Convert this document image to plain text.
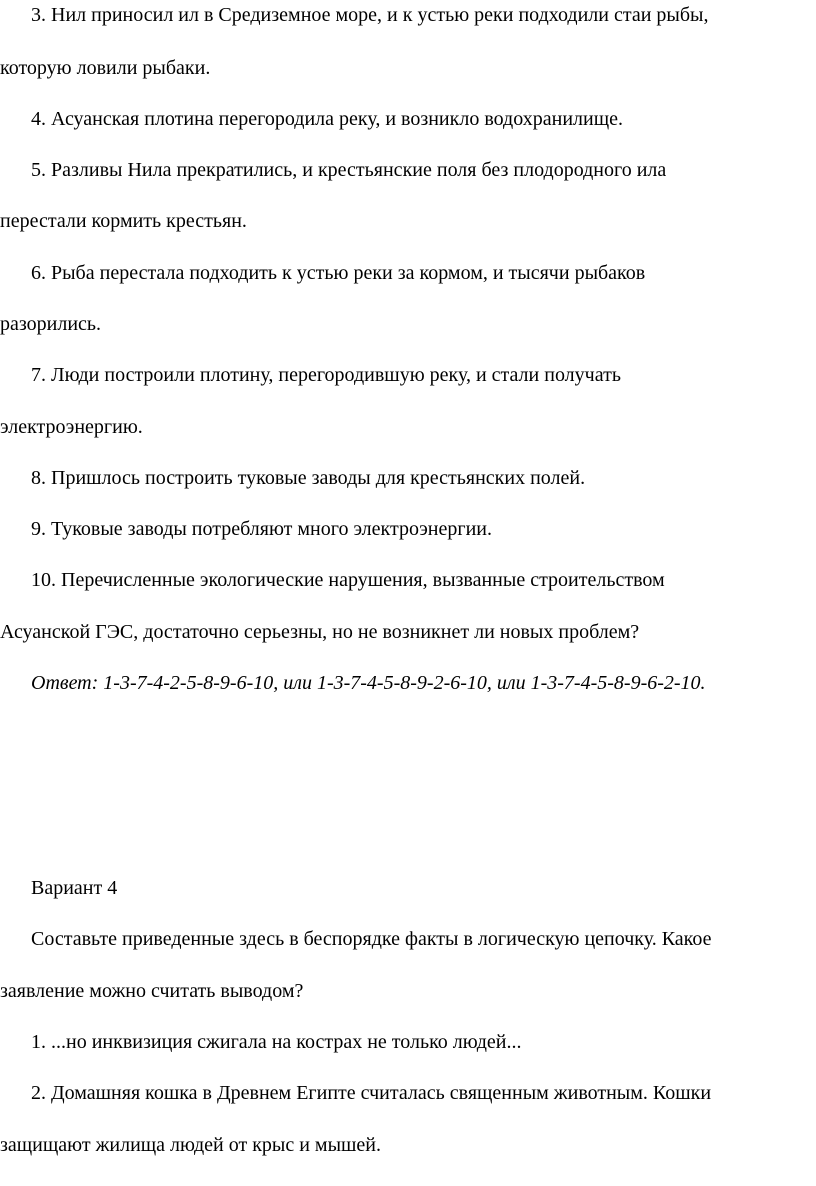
3. Нил приносил ил в Средиземное море, и к устью реки подходили стаи рыбы,
которую ловили рыбаки.
4. Асуанская плотина перегородила реку, и возникло водохранилище.
5. Разливы Нила прекратились, и крестьянские поля без плодородного ила
перестали кормить крестьян.
6. Рыба перестала подходить к устью реки за кормом, и тысячи рыбаков
разорились.
7. Люди построили плотину, перегородившую реку, и стали получать
электроэнергию.
8. Пришлось построить туковые заводы для крестьянских полей.
9. Туковые заводы потребляют много электроэнергии.
10. Перечисленные экологические нарушения, вызванные строительством
Асуанской ГЭС, достаточно серьезны, но не возникнет ли новых проблем?
Ответ: 1-3-7-4-2-5-8-9-6-10, или 1-3-7-4-5-8-9-2-6-10, или 1-3-7-4-5-8-9-6-2-10.
Вариант 4
Составьте приведенные здесь в беспорядке факты в логическую цепочку. Какое
заявление можно считать выводом?
1. ...но инквизиция сжигала на кострах не только людей...
2. Домашняя кошка в Древнем Египте считалась священным животным. Кошки
защищают жилища людей от крыс и мышей.
